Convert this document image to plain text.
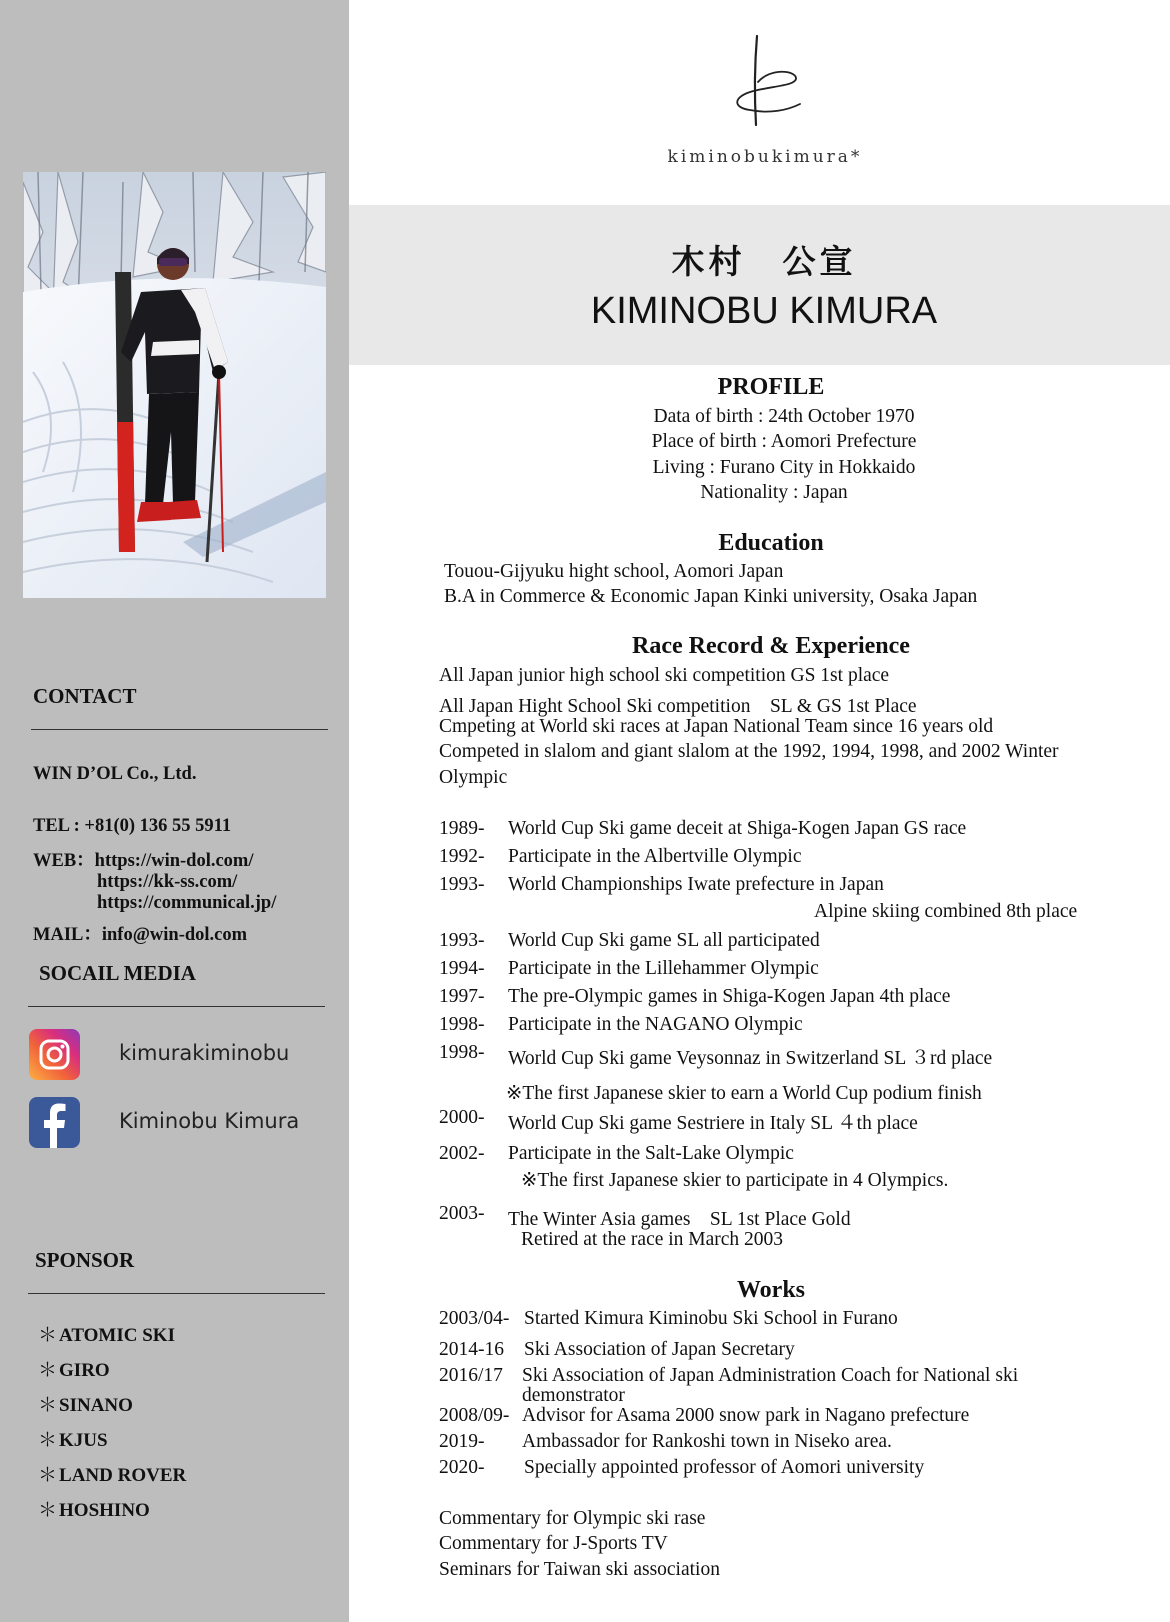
CONTACT
WIN D’OL Co., Ltd.
TEL : +81(0) 136 55 5911
WEB：https://win-dol.com/
https://kk-ss.com/
https://communical.jp/
MAIL：info@win-dol.com
SOCAIL MEDIA
kimurakiminobu
Kiminobu Kimura
SPONSOR
＊ ATOMIC SKI
＊ GIRO
＊ SINANO
＊ KJUS
＊ LAND ROVER
＊ HOSHINO
kiminobukimura*
木村　公宣
KIMINOBU KIMURA
PROFILE
Data of birth : 24th October 1970
Place of birth : Aomori Prefecture
Living : Furano City in Hokkaido
Nationality : Japan
Education
Touou-Gijyuku hight school, Aomori Japan
B.A in Commerce & Economic Japan Kinki university, Osaka Japan
Race Record & Experience
All Japan junior high school ski competition GS 1st place
All Japan Hight School Ski competition　SL & GS 1st Place
Cmpeting at World ski races at Japan National Team since 16 years old
Competed in slalom and giant slalom at the 1992, 1994, 1998, and 2002 Winter
Olympic
1989- World Cup Ski game deceit at Shiga-Kogen Japan GS race
1992- Participate in the Albertville Olympic
1993- World Championships Iwate prefecture in Japan
Alpine skiing combined 8th place
1993- World Cup Ski game SL all participated
1994- Participate in the Lillehammer Olympic
1997- The pre-Olympic games in Shiga-Kogen Japan 4th place
1998- Participate in the NAGANO Olympic
1998- World Cup Ski game Veysonnaz in Switzerland SL ３rd place
※The first Japanese skier to earn a World Cup podium finish
2000- World Cup Ski game Sestriere in Italy SL ４th place
2002- Participate in the Salt-Lake Olympic
※The first Japanese skier to participate in 4 Olympics.
2003- The Winter Asia games　SL 1st Place Gold
Retired at the race in March 2003
Works
2003/04- Started Kimura Kiminobu Ski School in Furano
2014-16 Ski Association of Japan Secretary
2016/17 Ski Association of Japan Administration Coach for National ski
demonstrator
2008/09- Advisor for Asama 2000 snow park in Nagano prefecture
2019- Ambassador for Rankoshi town in Niseko area.
2020- Specially appointed professor of Aomori university
Commentary for Olympic ski rase
Commentary for J-Sports TV
Seminars for Taiwan ski association
